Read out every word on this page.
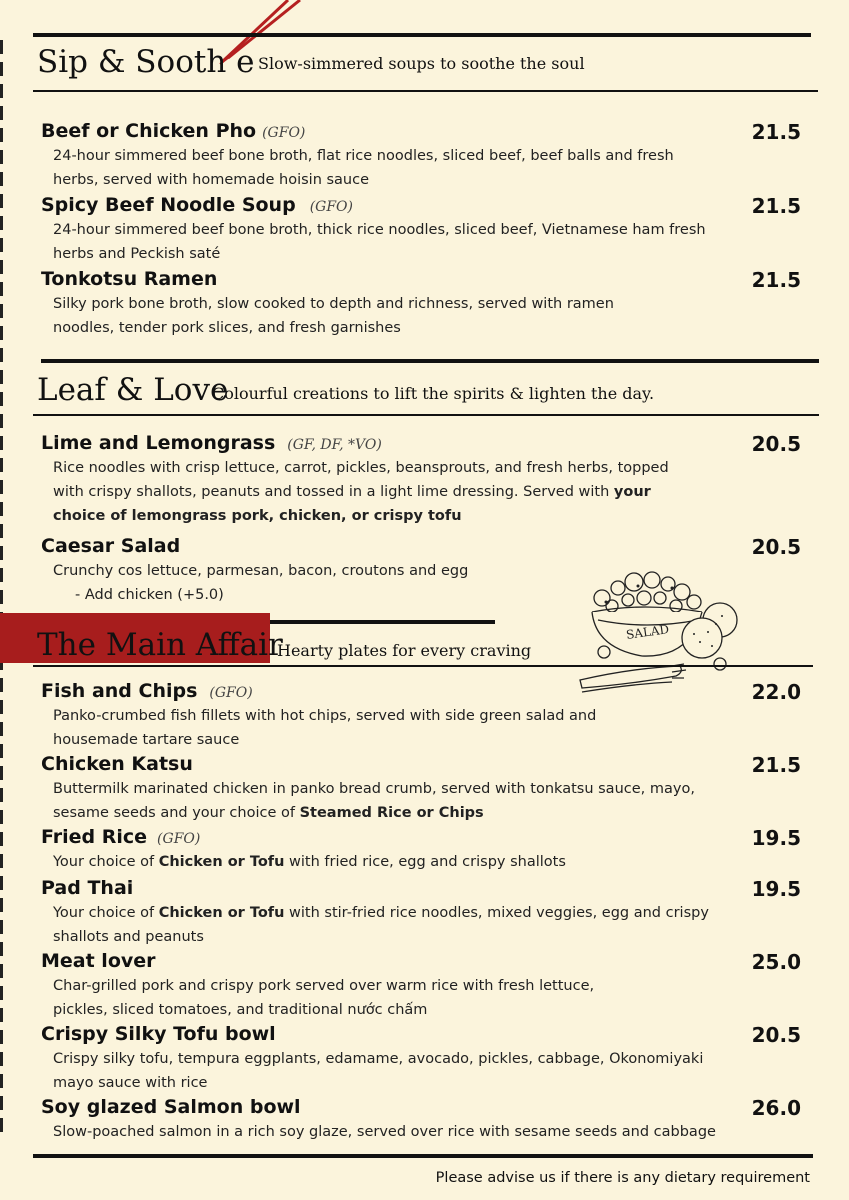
Sip & Sooth e Slow-simmered soups to soothe the soul
Beef or Chicken Pho (GFO)	21.5
24-hour simmered beef bone broth, flat rice noodles, sliced beef, beef balls and fresh herbs, served with homemade hoisin sauce
Spicy Beef Noodle Soup (GFO)	21.5
24-hour simmered beef bone broth, thick rice noodles, sliced beef, Vietnamese ham fresh herbs and Peckish saté
Tonkotsu Ramen	21.5
Silky pork bone broth, slow cooked to depth and richness, served with ramen noodles, tender pork slices, and fresh garnishes
Leaf & Love
Colourful creations to lift the spirits & lighten the day.
Lime and Lemongrass (GF, DF, *VO)	20.5
Rice noodles with crisp lettuce, carrot, pickles, beansprouts, and fresh herbs, topped with crispy shallots, peanuts and tossed in a light lime dressing. Served with your choice of lemongrass pork, chicken, or crispy tofu
Caesar Salad	20.5
Crunchy cos lettuce, parmesan, bacon, croutons and egg
- Add chicken (+5.0)
SALAD
The Main Affair
Hearty plates for every craving
Fish and Chips (GFO)	22.0
Panko-crumbed fish fillets with hot chips, served with side green salad and housemade tartare sauce
Chicken Katsu	21.5
Buttermilk marinated chicken in panko bread crumb, served with tonkatsu sauce, mayo, sesame seeds and your choice of Steamed Rice or Chips
Fried Rice (GFO)	19.5
Your choice of Chicken or Tofu with fried rice, egg and crispy shallots
Pad Thai	19.5
Your choice of Chicken or Tofu with stir-fried rice noodles, mixed veggies, egg and crispy shallots and peanuts
Meat lover	25.0
Char-grilled pork and crispy pork served over warm rice with fresh lettuce, pickles, sliced tomatoes, and traditional nước chấm
Crispy Silky Tofu bowl	20.5
Crispy silky tofu, tempura eggplants, edamame, avocado, pickles, cabbage, Okonomiyaki mayo sauce with rice
Soy glazed Salmon bowl	26.0
Slow-poached salmon in a rich soy glaze, served over rice with sesame seeds and cabbage
Please advise us if there is any dietary requirement
